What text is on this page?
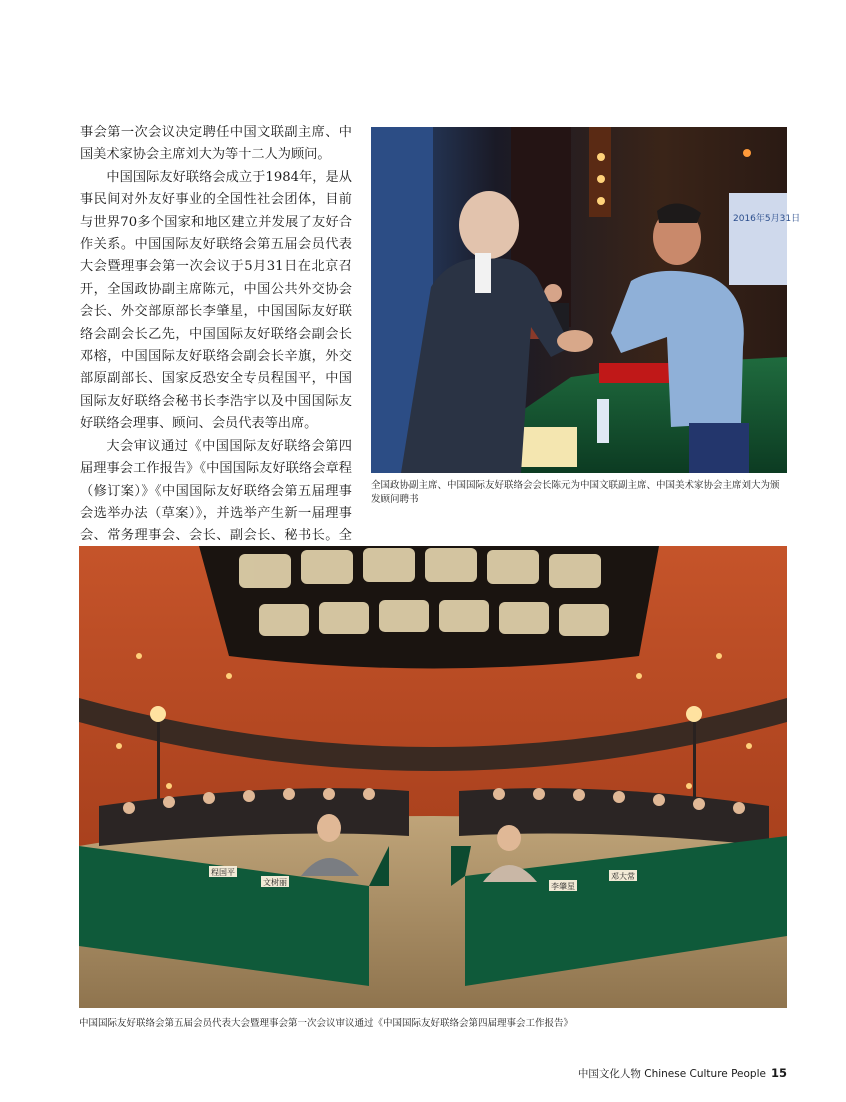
事会第一次会议决定聘任中国文联副主席、中国美术家协会主席刘大为等十二人为顾问。

中国国际友好联络会成立于1984年，是从事民间对外友好事业的全国性社会团体，目前与世界70多个国家和地区建立并发展了友好合作关系。中国国际友好联络会第五届会员代表大会暨理事会第一次会议于5月31日在北京召开，全国政协副主席陈元，中国公共外交协会会长、外交部原部长李肇星，中国国际友好联络会副会长乙先，中国国际友好联络会副会长邓榕，中国国际友好联络会副会长辛旗，外交部原副部长、国家反恐安全专员程国平，中国国际友好联络会秘书长李浩宇以及中国国际友好联络会理事、顾问、会员代表等出席。

大会审议通过《中国国际友好联络会第四届理事会工作报告》《中国国际友好联络会章程（修订案）》《中国国际友好联络会第五届理事会选举办法（草案）》，并选举产生新一届理事会、常务理事会、会长、副会长、秘书长。全

2016年5月31日
全国政协副主席、中国国际友好联络会会长陈元为中国文联副主席、中国美术家协会主席刘大为颁发顾问聘书
文树丽
程国平
李肇星
邓大常
中国国际友好联络会第五届会员代表大会暨理事会第一次会议审议通过《中国国际友好联络会第四届理事会工作报告》
中国文化人物 Chinese Culture People 15
